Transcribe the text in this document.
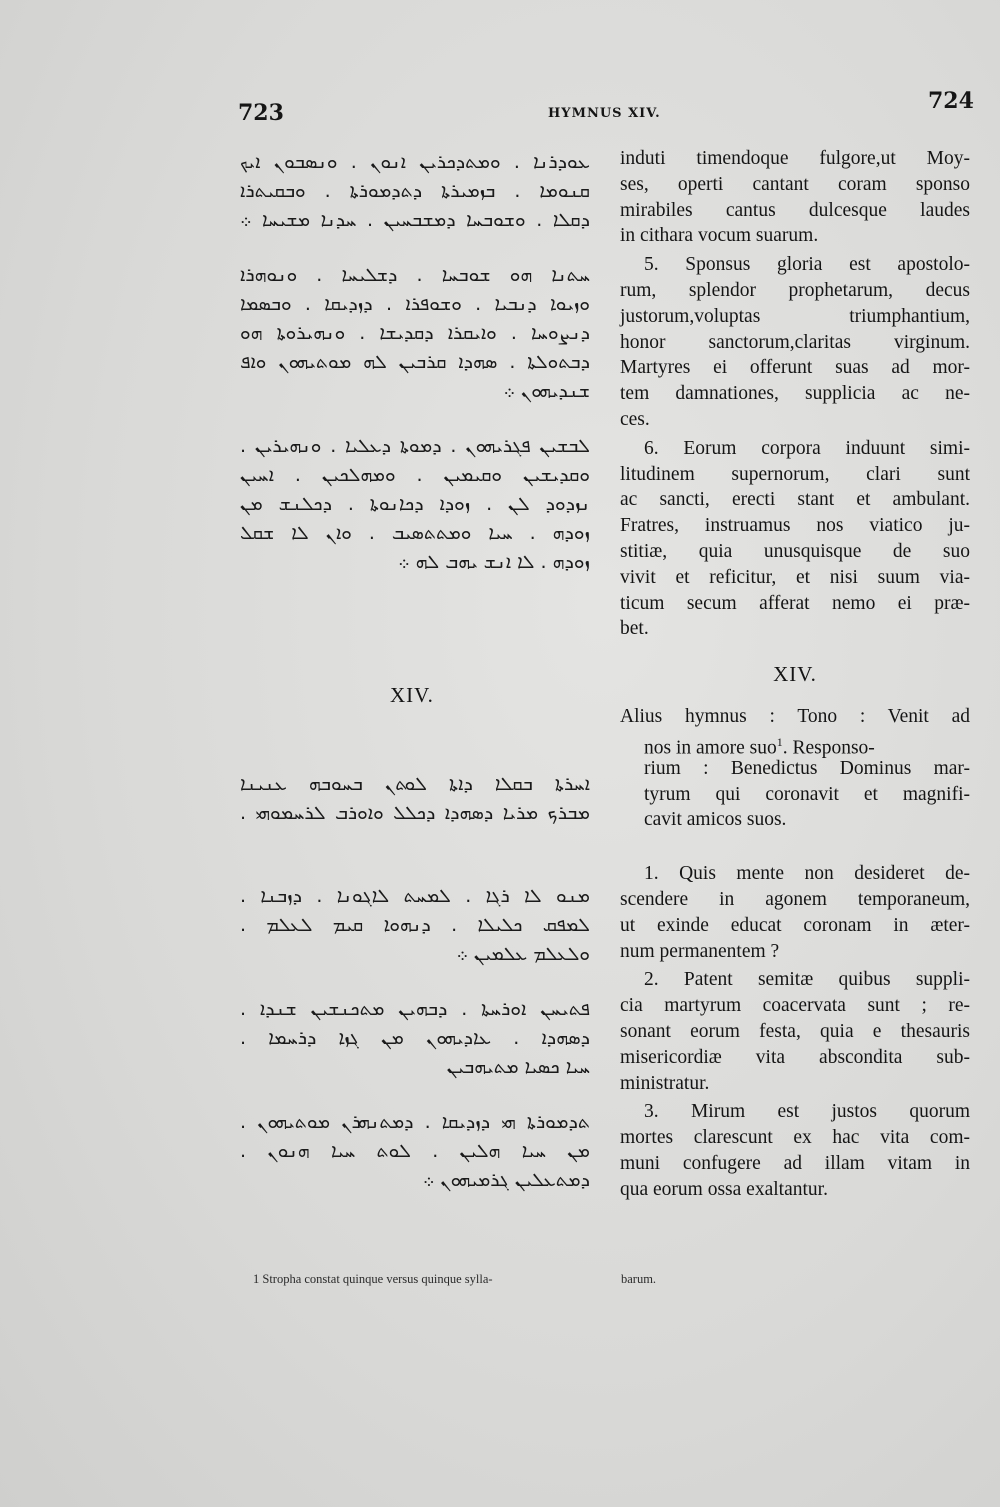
723	HYMNUS XIV.	724
ܥܘܕܪܢܐ . ܘܡܬܕܟܪܝܢ ܐܢܘܢ . ܘܢܣܒܘܢ ܐܝܟ
ܩܢܘܡܐ . ܒܙܡܝܪܬܐ ܕܬܕܡܘܪܬܐ . ܘܒܩܝܬܪܐ
ܕܩܠܐ . ܘܫܘܒܚܐ ܕܡܫܒܚܝܢ . ܚܕܢܐ ܡܫܝܚܐ ܀
ܚܬܢܐ ܗܘ ܫܘܒܚܐ . ܕܫܠܝܚܐ . ܘܢܘܗܪܐ
ܘܙܝܘܐ ܕܢܒܝܐ . ܘܫܘܦܪܐ . ܕܙܕܝܩܐ . ܘܒܣܡܐ
ܕܢܨܘܚܐ . ܘܐܝܩܪܐ ܕܩܕܝܫܐ . ܘܢܗܝܪܘܬܐ ܗܘ
ܕܒܬܘܠܬܐ . ܣܗܕܐ ܩܪܒܝܢ ܠܗ ܡܘܬܝܗܘܢ ܘܐܦ
ܫܢܕܝܗܘܢ ܀
ܠܒܫܝܢ ܦܓܪܝܗܘܢ . ܕܡܘܬܐ ܕܥܠܝܐ . ܘܢܗܝܪܝܢ .
ܘܩܕܝܫܝܢ ܘܩܝܡܝܢ . ܘܡܗܠܟܝܢ . ܐܚܝܢ
ܢܙܕܘܕ ܠܢ . ܙܘܕܐ ܕܟܐܢܘܬܐ . ܕܟܠܢܫ ܡܢ
ܙܘܕܗ . ܚܝܐ ܘܡܬܬܣܝܒ . ܘܐܢ ܠܐ ܫܩܠ
ܙܘܕܗ . ܠܐ ܐܢܫ ܝܗܒ ܠܗ ܀
XIV.
ܐܚܪܬܐ ܒܩܠܐ ܕܐܬܐ ܠܘܬܢ ܒܚܘܒܗ ܥܢܝܢܐ
ܡܒܪܟ ܡܪܝܐ ܕܣܗܕܐ ܕܟܠܠ ܘܐܘܪܒ ܠܪܚܡܘܗܝ .
ܡܢܘ ܠܐ ܪܓܐ . ܠܡܚܬ ܠܐܓܘܢܐ . ܕܙܒܢܐ .
ܠܡܦܩ ܟܠܝܠܐ . ܕܢܗܘܐ ܩܝܡ ܠܥܠܡ .
ܘܠܥܠܡ ܥܠܡܝܢ ܀
ܦܬܝܚܢ ܐܘܪܚܬܐ . ܕܒܗܝܢ ܡܬܟܢܫܝܢ ܫܢܕܐ .
ܕܣܗܕܐ . ܥܐܕܝܗܘܢ ܡܢ ܓܙܐ ܕܪܚܡܐ .
ܚܝܐ ܟܣܝܐ ܡܬܝܗܒܝܢ
ܬܕܡܘܪܬܐ ܗܝ ܕܙܕܝܩܐ . ܕܡܬܢܗܪܢ ܡܘܬܝܗܘܢ .
ܡܢ ܚܝܐ ܗܠܝܢ . ܠܘܬ ܚܝܐ ܗܢܘܢ .
ܕܡܬܥܠܝܢ ܓܪܡܝܗܘܢ ܀
induti timendoque fulgore,ut Moy-
ses, operti cantant coram sponso
mirabiles cantus dulcesque laudes
in cithara vocum suarum.
5. Sponsus gloria est apostolo-
rum, splendor prophetarum, decus
justorum,voluptas triumphantium,
honor sanctorum,claritas virginum.
Martyres ei offerunt suas ad mor-
tem damnationes, supplicia ac ne-
ces.
6. Eorum corpora induunt simi-
litudinem supernorum, clari sunt
ac sancti, erecti stant et ambulant.
Fratres, instruamus nos viatico ju-
stitiæ, quia unusquisque de suo
vivit et reficitur, et nisi suum via-
ticum secum afferat nemo ei præ-
bet.
XIV.
Alius hymnus : Tono : Venit ad
nos in amore suo$^1$. Responso-
rium : Benedictus Dominus mar-
tyrum qui coronavit et magnifi-
cavit amicos suos.
1. Quis mente non desideret de-
scendere in agonem temporaneum,
ut exinde educat coronam in æter-
num permanentem ?
2. Patent semitæ quibus suppli-
cia martyrum coacervata sunt ; re-
sonant eorum festa, quia e thesauris
misericordiæ vita abscondita sub-
ministratur.
3. Mirum est justos quorum
mortes clarescunt ex hac vita com-
muni confugere ad illam vitam in
qua eorum ossa exaltantur.
1 Stropha constat quinque versus quinque sylla-	barum.
